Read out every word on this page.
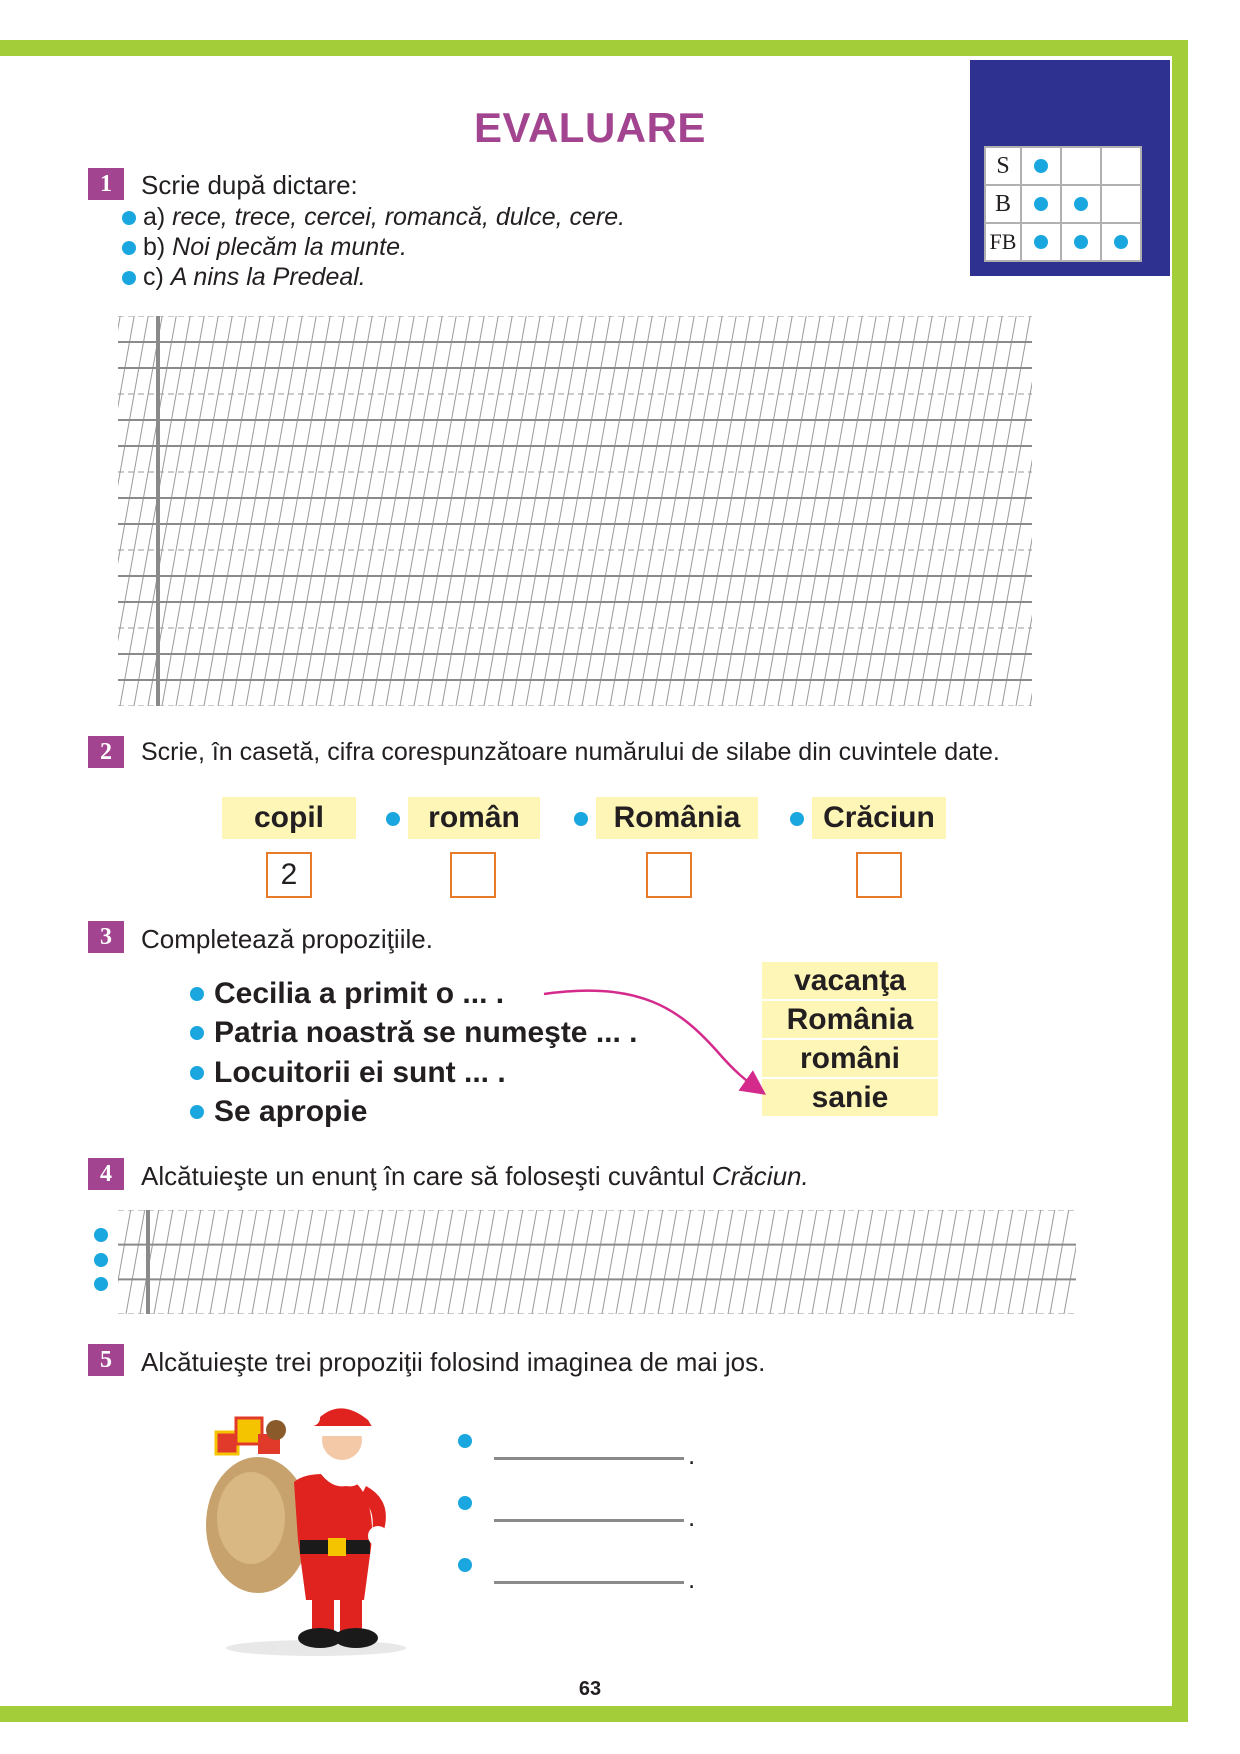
S			
B			
FB			
EVALUARE
1	Scrie după dictare:
a) rece, trece, cercei, romancă, dulce, cere.
b) Noi plecăm la munte.
c) A nins la Predeal.
2	Scrie, în casetă, cifra corespunzătoare numărului de silabe din cuvintele date.
copil	român	România	Crăciun
2
3	Completează propoziţiile.
Cecilia a primit o ... .
Patria noastră se numeşte ... .
Locuitorii ei sunt ... .
Se apropie
vacanţa
România
români
sanie
4	Alcătuieşte un enunţ în care să foloseşti cuvântul Crăciun.
5	Alcătuieşte trei propoziţii folosind imaginea de mai jos.
.
.
.
63
